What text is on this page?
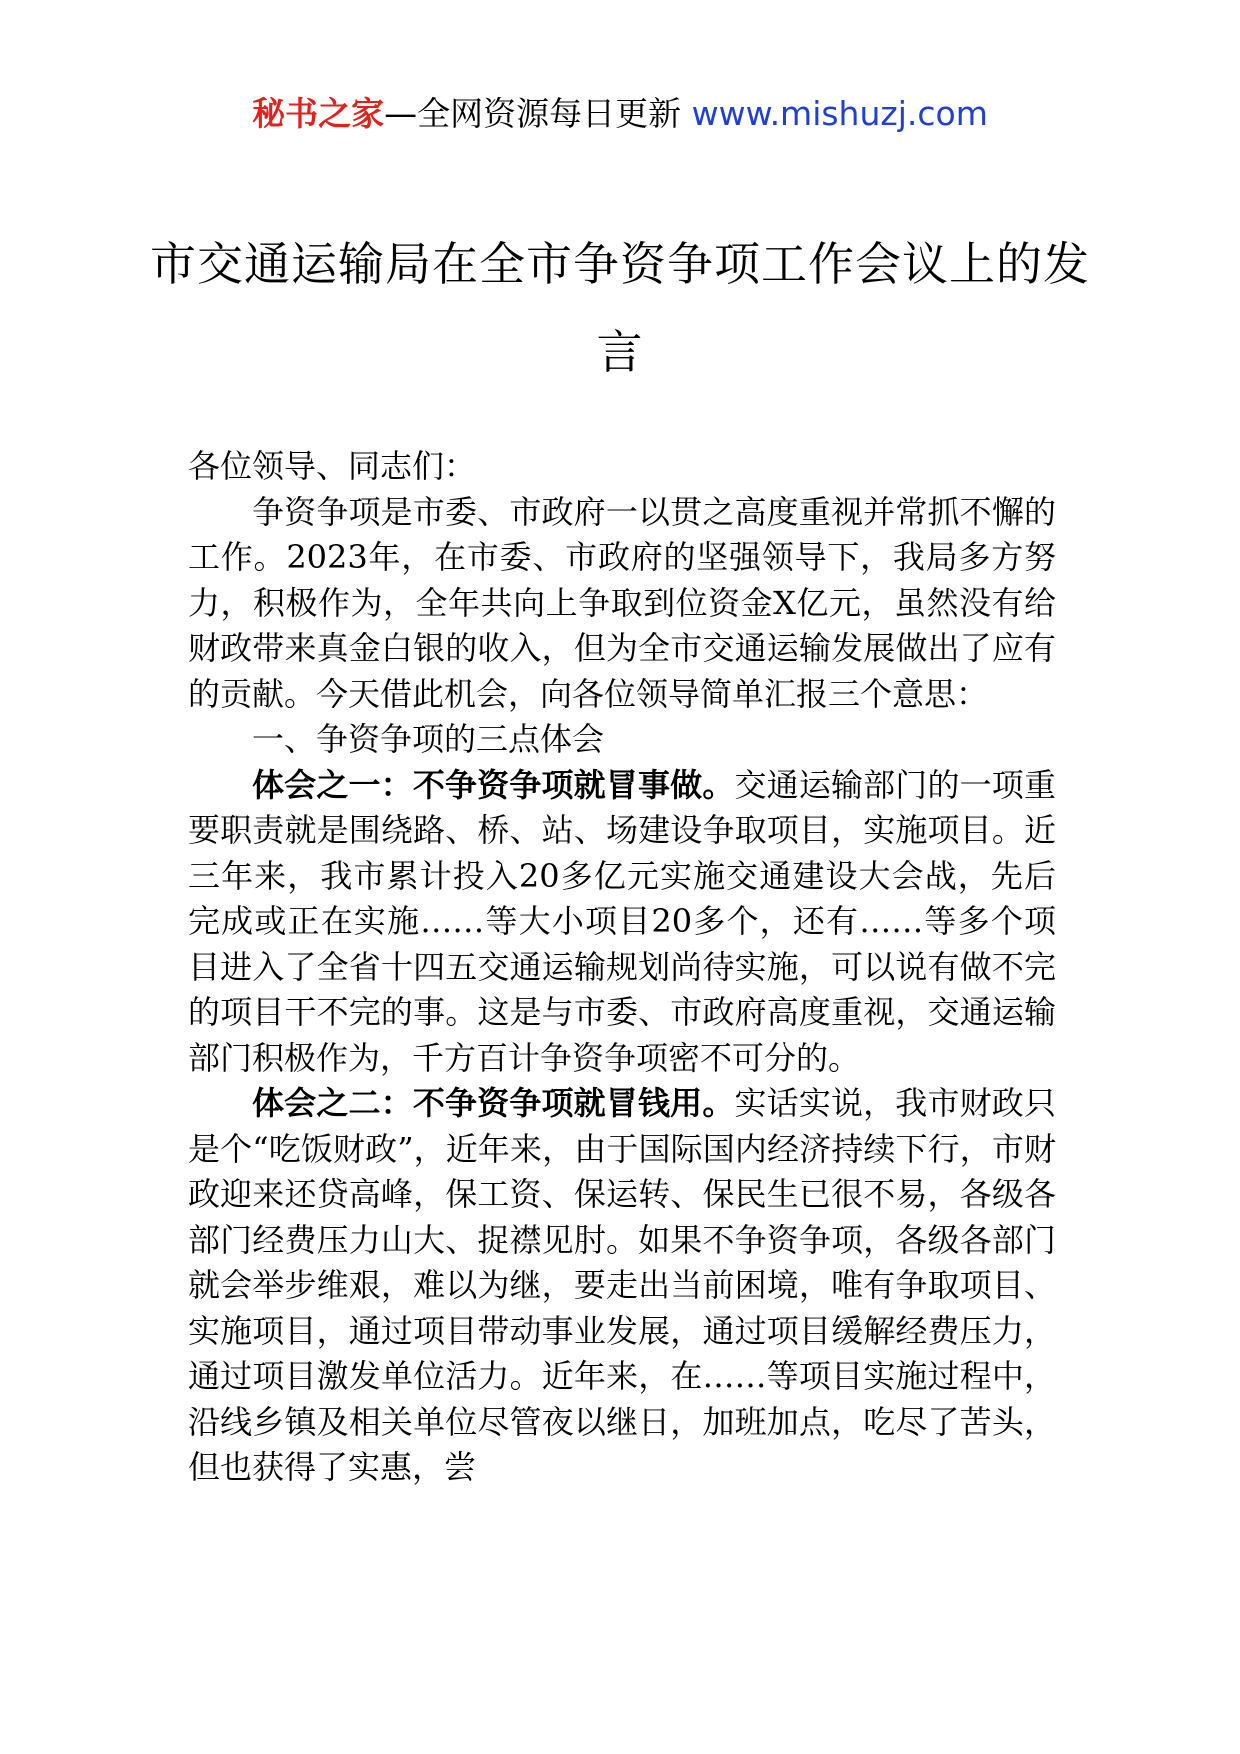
秘书之家—全网资源每日更新 www.mishuzj.com
市交通运输局在全市争资争项工作会议上的发言

各位领导、同志们：

争资争项是市委、市政府一以贯之高度重视并常抓不懈的工作。2023年，在市委、市政府的坚强领导下，我局多方努力，积极作为，全年共向上争取到位资金X亿元，虽然没有给财政带来真金白银的收入，但为全市交通运输发展做出了应有的贡献。今天借此机会，向各位领导简单汇报三个意思：

一、争资争项的三点体会

体会之一：不争资争项就冒事做。交通运输部门的一项重要职责就是围绕路、桥、站、场建设争取项目，实施项目。近三年来，我市累计投入20多亿元实施交通建设大会战，先后完成或正在实施……等大小项目20多个，还有……等多个项目进入了全省十四五交通运输规划尚待实施，可以说有做不完的项目干不完的事。这是与市委、市政府高度重视，交通运输部门积极作为，千方百计争资争项密不可分的。

体会之二：不争资争项就冒钱用。实话实说，我市财政只是个“吃饭财政”，近年来，由于国际国内经济持续下行，市财政迎来还贷高峰，保工资、保运转、保民生已很不易，各级各部门经费压力山大、捉襟见肘。如果不争资争项，各级各部门就会举步维艰，难以为继，要走出当前困境，唯有争取项目、实施项目，通过项目带动事业发展，通过项目缓解经费压力，通过项目激发单位活力。近年来，在……等项目实施过程中，沿线乡镇及相关单位尽管夜以继日，加班加点，吃尽了苦头，但也获得了实惠，尝
